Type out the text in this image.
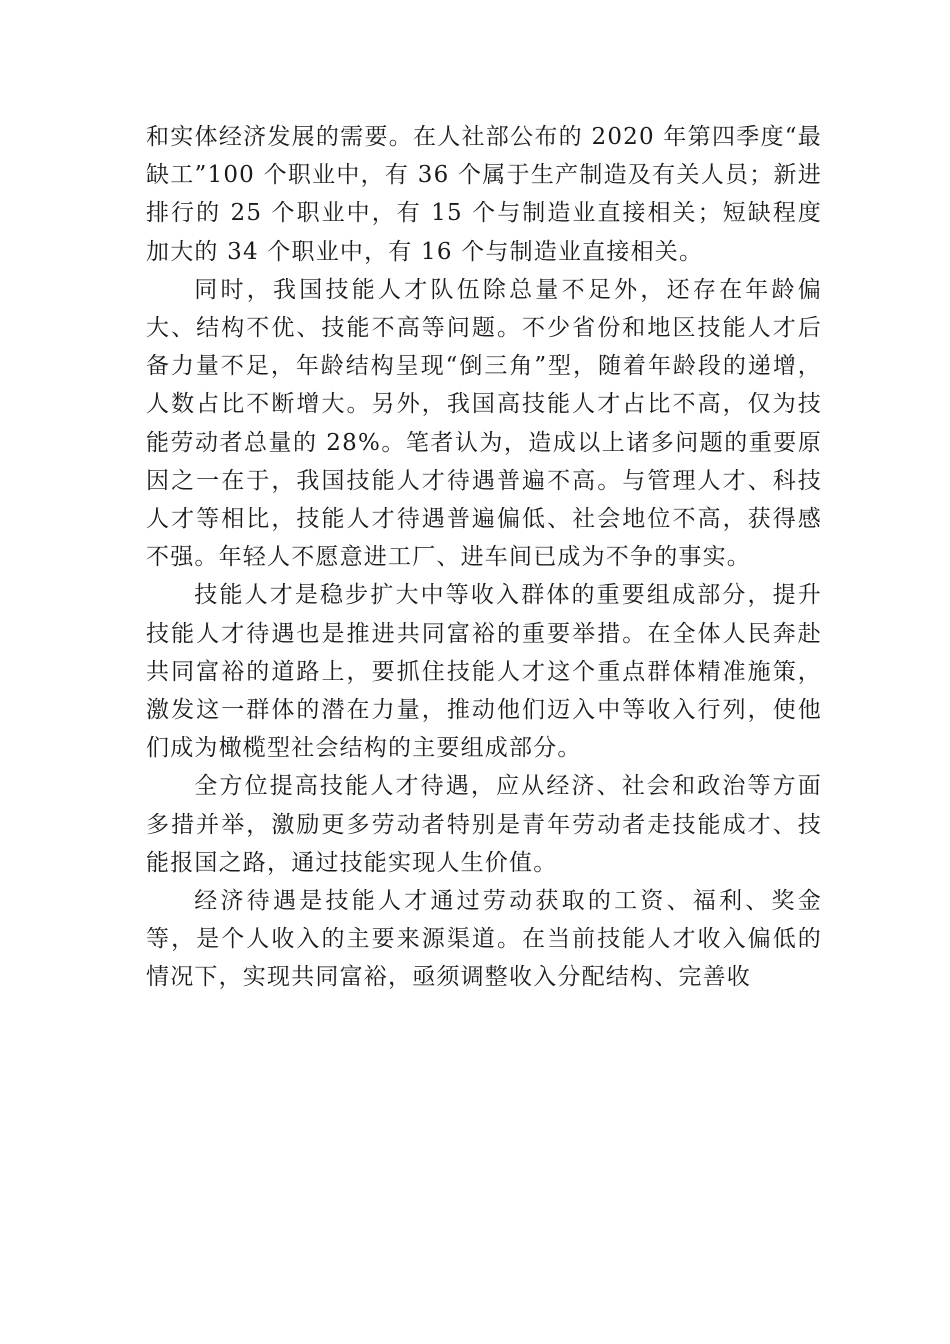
和实体经济发展的需要。在人社部公布的 2020 年第四季度“最缺工”100 个职业中，有 36 个属于生产制造及有关人员；新进排行的 25 个职业中，有 15 个与制造业直接相关；短缺程度加大的 34 个职业中，有 16 个与制造业直接相关。

同时，我国技能人才队伍除总量不足外，还存在年龄偏大、结构不优、技能不高等问题。不少省份和地区技能人才后备力量不足，年龄结构呈现“倒三角”型，随着年龄段的递增，人数占比不断增大。另外，我国高技能人才占比不高，仅为技能劳动者总量的 28%。笔者认为，造成以上诸多问题的重要原因之一在于，我国技能人才待遇普遍不高。与管理人才、科技人才等相比，技能人才待遇普遍偏低、社会地位不高，获得感不强。年轻人不愿意进工厂、进车间已成为不争的事实。

技能人才是稳步扩大中等收入群体的重要组成部分，提升技能人才待遇也是推进共同富裕的重要举措。在全体人民奔赴共同富裕的道路上，要抓住技能人才这个重点群体精准施策，激发这一群体的潜在力量，推动他们迈入中等收入行列，使他们成为橄榄型社会结构的主要组成部分。

全方位提高技能人才待遇，应从经济、社会和政治等方面多措并举，激励更多劳动者特别是青年劳动者走技能成才、技能报国之路，通过技能实现人生价值。

经济待遇是技能人才通过劳动获取的工资、福利、奖金等，是个人收入的主要来源渠道。在当前技能人才收入偏低的情况下，实现共同富裕，亟须调整收入分配结构、完善收
